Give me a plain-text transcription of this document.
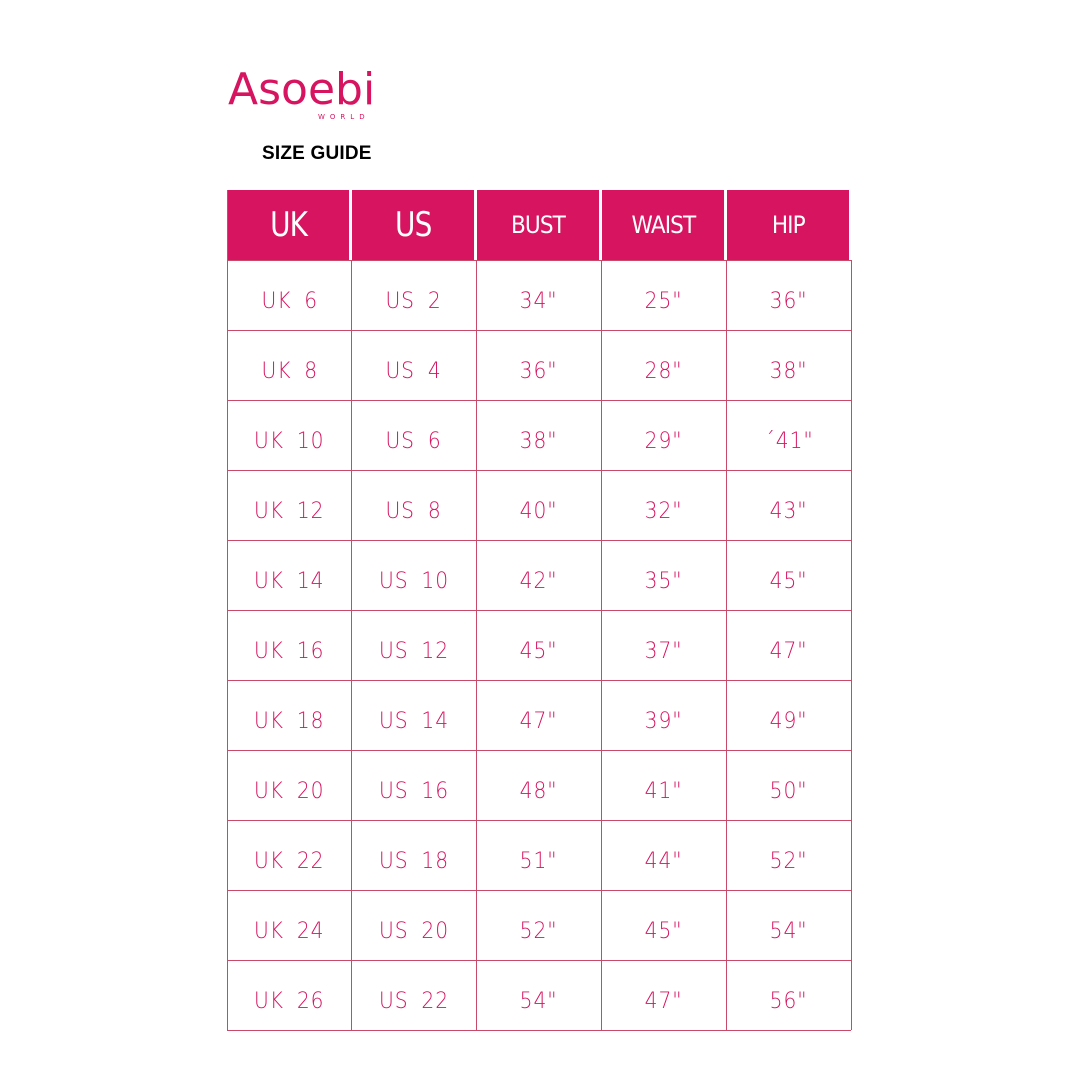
Asoebi
WORLD
SIZE GUIDE
UK	US	BUST	WAIST	HIP
UK 6	US 2	34"	25"	36"
UK 8	US 4	36"	28"	38"
UK 10	US 6	38"	29"	´41"
UK 12	US 8	40"	32"	43"
UK 14 US 10	42"	35"	45"
UK 16 US 12	45"	37"	47"
UK 18 US 14	47"	39"	49"
UK 20 US 16	48"	41"	50"
UK 22 US 18	51"	44"	52"
UK 24 US 20	52"	45"	54"
UK 26 US 22	54"	47"	56"
